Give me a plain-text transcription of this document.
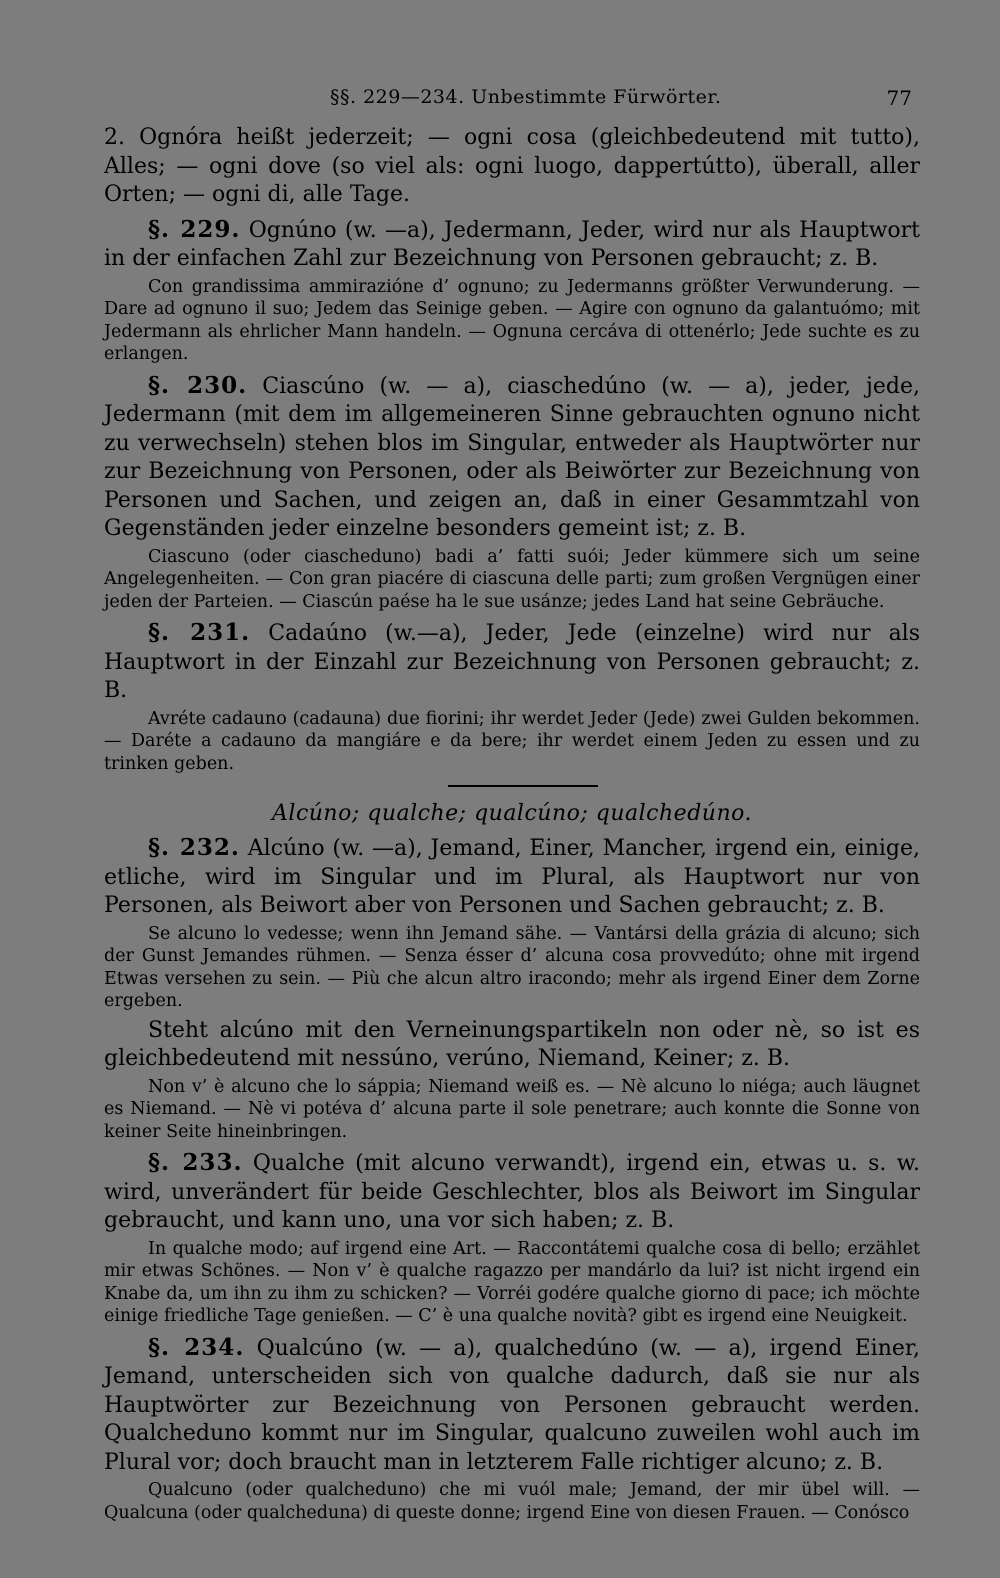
§§. 229—234. Unbestimmte Fürwörter.	77

2. Ognóra heißt jederzeit; — ogni cosa (gleichbedeutend mit tutto), Alles; — ogni dove (so viel als: ogni luogo, dappertútto), überall, aller Orten; — ogni di, alle Tage.

§. 229. Ognúno (w. —a), Jedermann, Jeder, wird nur als Hauptwort in der einfachen Zahl zur Bezeichnung von Personen gebraucht; z. B.

Con grandissima ammirazióne d’ ognuno; zu Jedermanns größter Verwunderung. — Dare ad ognuno il suo; Jedem das Seinige geben. — Agire con ognuno da galantuómo; mit Jedermann als ehrlicher Mann handeln. — Ognuna cercáva di ottenérlo; Jede suchte es zu erlangen.

§. 230. Ciascúno (w. — a), ciaschedúno (w. — a), jeder, jede, Jedermann (mit dem im allgemeineren Sinne gebrauchten ognuno nicht zu verwechseln) stehen blos im Singular, entweder als Hauptwörter nur zur Bezeichnung von Personen, oder als Beiwörter zur Bezeichnung von Personen und Sachen, und zeigen an, daß in einer Gesammtzahl von Gegenständen jeder einzelne besonders gemeint ist; z. B.

Ciascuno (oder ciascheduno) badi a’ fatti suói; Jeder kümmere sich um seine Angelegenheiten. — Con gran piacére di ciascuna delle parti; zum großen Vergnügen einer jeden der Parteien. — Ciascún paése ha le sue usánze; jedes Land hat seine Gebräuche.

§. 231. Cadaúno (w.—a), Jeder, Jede (einzelne) wird nur als Hauptwort in der Einzahl zur Bezeichnung von Personen gebraucht; z. B.

Avréte cadauno (cadauna) due fiorini; ihr werdet Jeder (Jede) zwei Gulden bekommen. — Daréte a cadauno da mangiáre e da bere; ihr werdet einem Jeden zu essen und zu trinken geben.

Alcúno; qualche; qualcúno; qualchedúno.

§. 232. Alcúno (w. —a), Jemand, Einer, Mancher, irgend ein, einige, etliche, wird im Singular und im Plural, als Hauptwort nur von Personen, als Beiwort aber von Personen und Sachen gebraucht; z. B.

Se alcuno lo vedesse; wenn ihn Jemand sähe. — Vantársi della grázia di alcuno; sich der Gunst Jemandes rühmen. — Senza ésser d’ alcuna cosa provvedúto; ohne mit irgend Etwas versehen zu sein. — Più che alcun altro iracondo; mehr als irgend Einer dem Zorne ergeben.

Steht alcúno mit den Verneinungspartikeln non oder nè, so ist es gleichbedeutend mit nessúno, verúno, Niemand, Keiner; z. B.

Non v’ è alcuno che lo sáppia; Niemand weiß es. — Nè alcuno lo niéga; auch läugnet es Niemand. — Nè vi potéva d’ alcuna parte il sole penetrare; auch konnte die Sonne von keiner Seite hineinbringen.

§. 233. Qualche (mit alcuno verwandt), irgend ein, etwas u. s. w. wird, unverändert für beide Geschlechter, blos als Beiwort im Singular gebraucht, und kann uno, una vor sich haben; z. B.

In qualche modo; auf irgend eine Art. — Raccontátemi qualche cosa di bello; erzählet mir etwas Schönes. — Non v’ è qualche ragazzo per mandárlo da lui? ist nicht irgend ein Knabe da, um ihn zu ihm zu schicken? — Vorréi godére qualche giorno di pace; ich möchte einige friedliche Tage genießen. — C’ è una qualche novità? gibt es irgend eine Neuigkeit.

§. 234. Qualcúno (w. — a), qualchedúno (w. — a), irgend Einer, Jemand, unterscheiden sich von qualche dadurch, daß sie nur als Hauptwörter zur Bezeichnung von Personen gebraucht werden. Qualcheduno kommt nur im Singular, qualcuno zuweilen wohl auch im Plural vor; doch braucht man in letzterem Falle richtiger alcuno; z. B.

Qualcuno (oder qualcheduno) che mi vuól male; Jemand, der mir übel will. — Qualcuna (oder qualcheduna) di queste donne; irgend Eine von diesen Frauen. — Conósco
